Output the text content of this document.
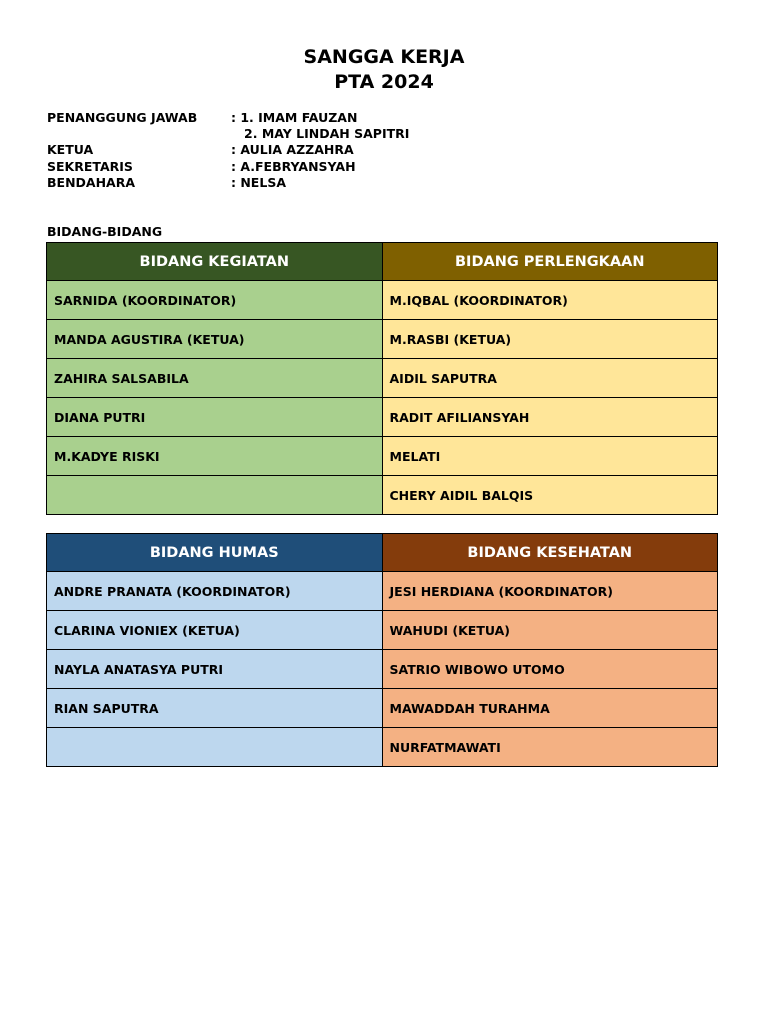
SANGGA KERJA
PTA 2024
PENANGGUNG JAWAB	: 1. IMAM FAUZAN
2. MAY LINDAH SAPITRI
KETUA	: AULIA AZZAHRA
SEKRETARIS	: A.FEBRYANSYAH
BENDAHARA	: NELSA
BIDANG-BIDANG
BIDANG KEGIATAN	BIDANG PERLENGKAAN
SARNIDA (KOORDINATOR)	M.IQBAL (KOORDINATOR)
MANDA AGUSTIRA (KETUA)	M.RASBI (KETUA)
ZAHIRA SALSABILA	AIDIL SAPUTRA
DIANA PUTRI	RADIT AFILIANSYAH
M.KADYE RISKI	MELATI
	CHERY AIDIL BALQIS
BIDANG HUMAS	BIDANG KESEHATAN
ANDRE PRANATA (KOORDINATOR)	JESI HERDIANA (KOORDINATOR)
CLARINA VIONIEX (KETUA)	WAHUDI (KETUA)
NAYLA ANATASYA PUTRI	SATRIO WIBOWO UTOMO
RIAN SAPUTRA	MAWADDAH TURAHMA
	NURFATMAWATI
